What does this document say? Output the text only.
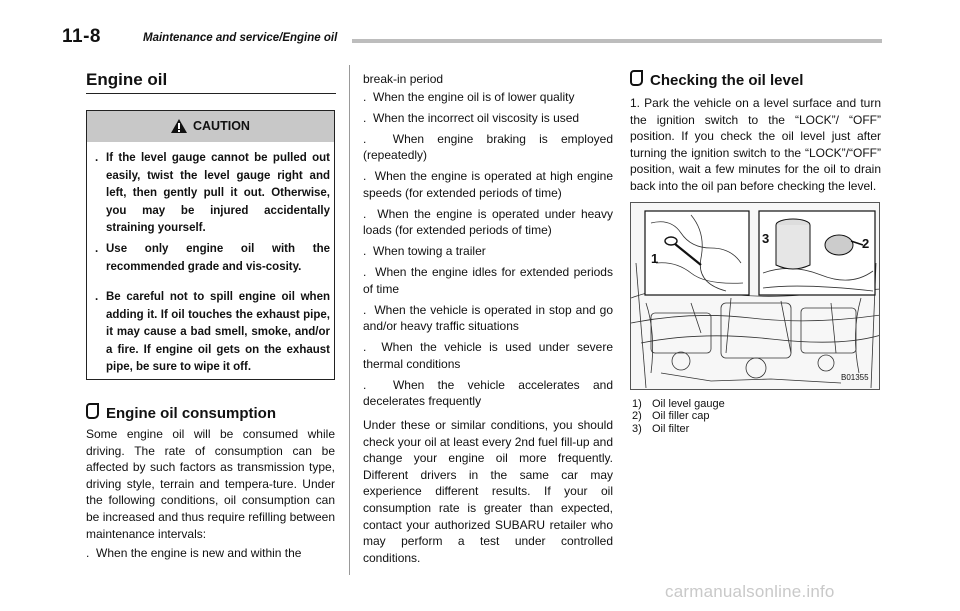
11-8	Maintenance and service/Engine oil
Engine oil
CAUTION
. If the level gauge cannot be pulled out easily, twist the level gauge right and left, then gently pull it out. Otherwise, you may be injured accidentally straining yourself.
. Use only engine oil with the recommended grade and vis-cosity.
. Be careful not to spill engine oil when adding it. If oil touches the exhaust pipe, it may cause a bad smell, smoke, and/or a fire. If engine oil gets on the exhaust pipe, be sure to wipe it off.
Engine oil consumption
Some engine oil will be consumed while driving. The rate of consumption can be affected by such factors as transmission type, driving style, terrain and tempera-ture. Under the following conditions, oil consumption can be increased and thus require refilling between maintenance intervals:
.  When the engine is new and within the
break-in period
.  When the engine oil is of lower quality
.  When the incorrect oil viscosity is used
.  When engine braking is employed (repeatedly)
.  When the engine is operated at high engine speeds (for extended periods of time)
.  When the engine is operated under heavy loads (for extended periods of time)
.  When towing a trailer
.  When the engine idles for extended periods of time
.  When the vehicle is operated in stop and go and/or heavy traffic situations
.  When the vehicle is used under severe thermal conditions
.  When the vehicle accelerates and decelerates frequently
Under these or similar conditions, you should check your oil at least every 2nd fuel fill-up and change your engine oil more frequently. Different drivers in the same car may experience different results. If your oil consumption rate is greater than expected, contact your authorized SUBARU retailer who may perform a test under controlled conditions.
Checking the oil level
1. Park the vehicle on a level surface and turn the ignition switch to the “LOCK”/ “OFF” position. If you check the oil level just after turning the ignition switch to the “LOCK”/“OFF” position, wait a few minutes for the oil to drain back into the oil pan before checking the level.
1
2
3
B01355
1) Oil level gauge
2) Oil filler cap
3) Oil filter
carmanualsonline.info
